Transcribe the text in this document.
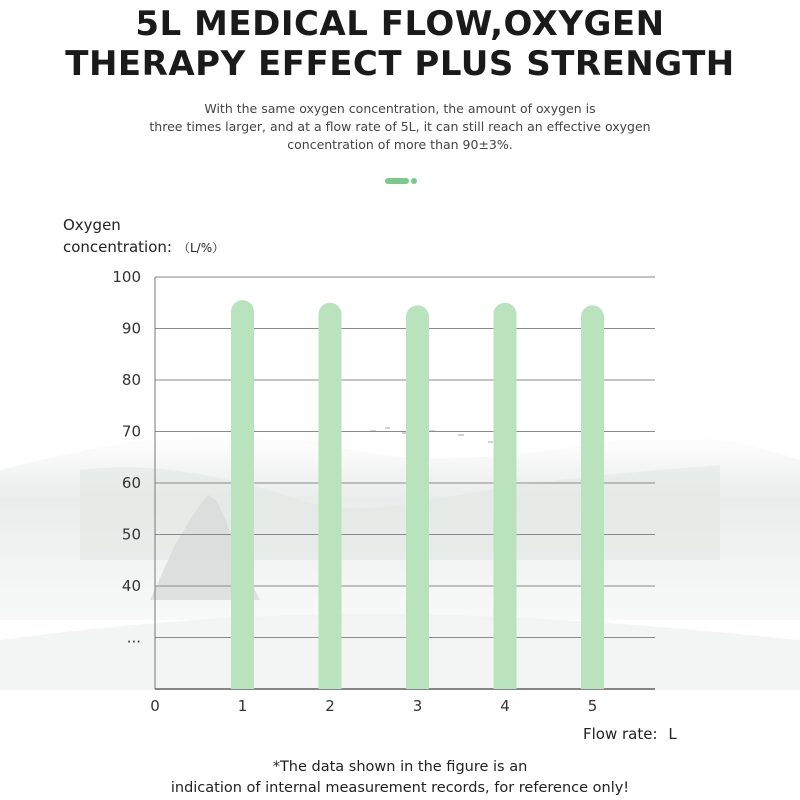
5L MEDICAL FLOW,OXYGEN
THERAPY EFFECT PLUS STRENGTH
With the same oxygen concentration, the amount of oxygen is
three times larger, and at a flow rate of 5L, it can still reach an effective oxygen
concentration of more than 90±3%.
Oxygen concentration: （L/%）
100
90
80
70
60
50
40
...
0	1	2	3	4	5
Flow rate: L
*The data shown in the figure is an
indication of internal measurement records, for reference only!
